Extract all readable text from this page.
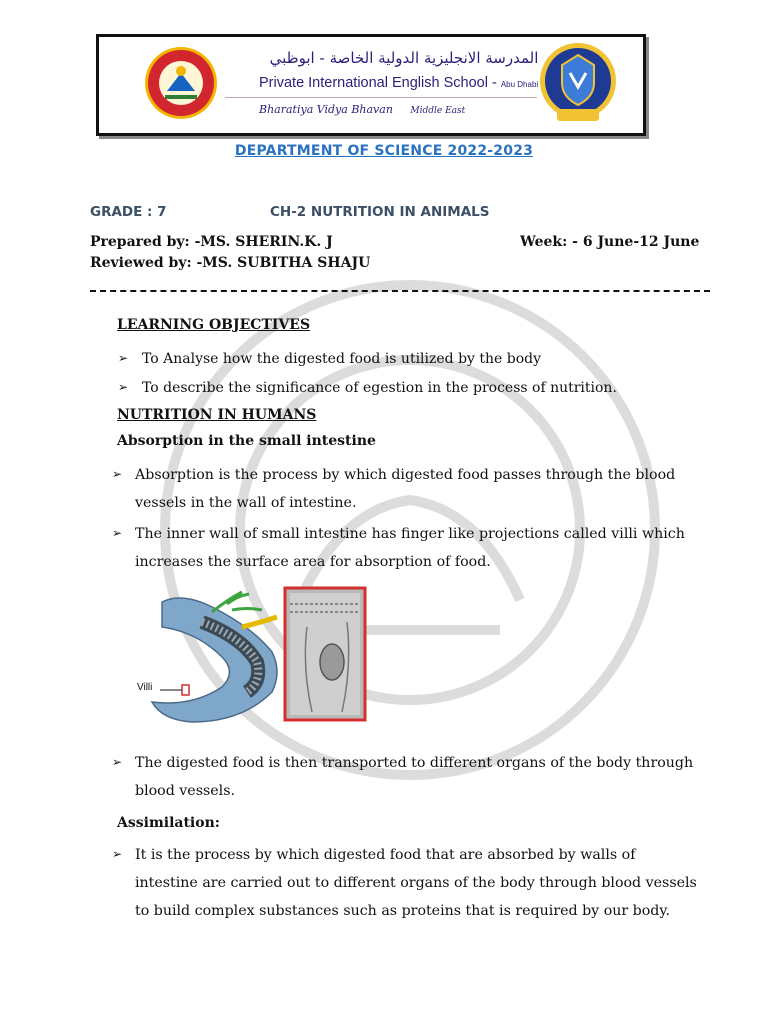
المدرسة الانجليزية الدولية الخاصة - ابوظبي
Private International English School - Abu Dhabi
Bharatiya Vidya Bhavan Middle East
DEPARTMENT OF SCIENCE 2022-2023
GRADE : 7	CH-2 NUTRITION IN ANIMALS
Prepared by: -MS. SHERIN.K. J	Week: - 6 June-12 June
Reviewed by: -MS. SUBITHA SHAJU
LEARNING OBJECTIVES
➢ To Analyse how the digested food is utilized by the body
➢ To describe the significance of egestion in the process of nutrition.
NUTRITION IN HUMANS
Absorption in the small intestine
➢ Absorption is the process by which digested food passes through the blood
vessels in the wall of intestine.
➢ The inner wall of small intestine has finger like projections called villi which
increases the surface area for absorption of food.
Villi
➢ The digested food is then transported to different organs of the body through
blood vessels.
Assimilation:
➢ It is the process by which digested food that are absorbed by walls of
intestine are carried out to different organs of the body through blood vessels
to build complex substances such as proteins that is required by our body.
